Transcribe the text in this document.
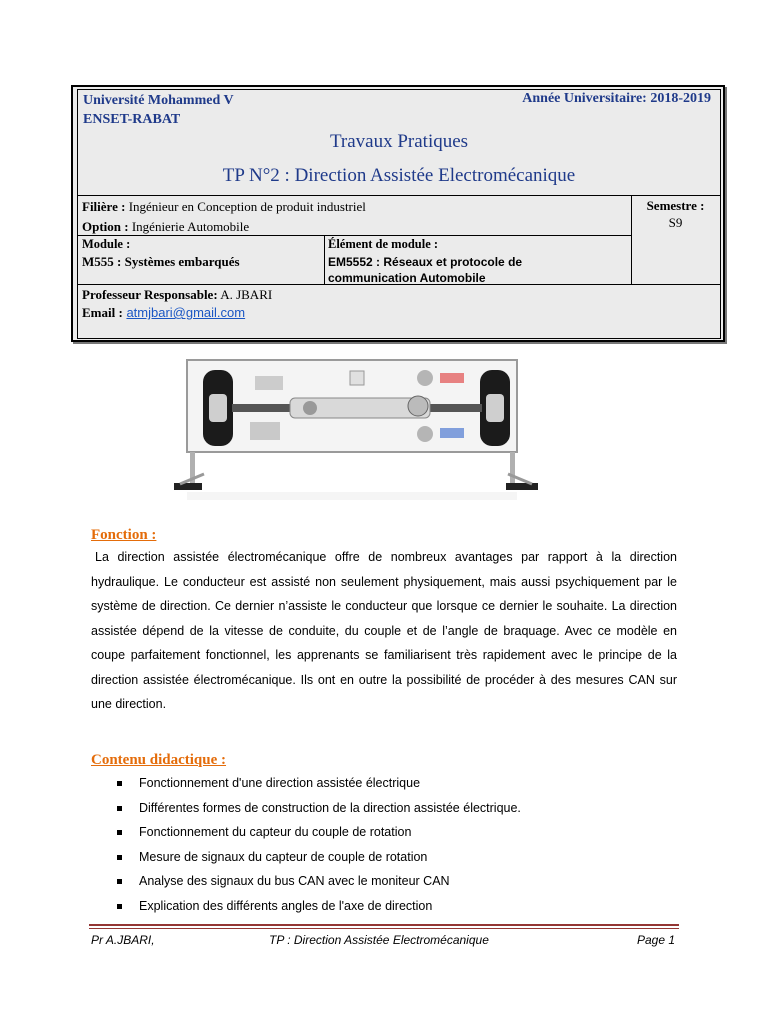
Université Mohammed V
ENSET-RABAT
Année Universitaire: 2018-2019
Travaux Pratiques
TP N°2 : Direction Assistée Electromécanique
Filière : Ingénieur en Conception de produit industriel
Option : Ingénierie Automobile
Semestre :
S9
Module :
M555 : Systèmes embarqués
Élément de module :
EM5552 : Réseaux et protocole de
communication Automobile
Professeur Responsable: A. JBARI
Email : atmjbari@gmail.com
Fonction :
La direction assistée électromécanique offre de nombreux avantages par rapport à la direction hydraulique. Le conducteur est assisté non seulement physiquement, mais aussi psychiquement par le système de direction. Ce dernier n’assiste le conducteur que lorsque ce dernier le souhaite. La direction assistée dépend de la vitesse de conduite, du couple et de l’angle de braquage. Avec ce modèle en coupe parfaitement fonctionnel, les apprenants se familiarisent très rapidement avec le principe de la direction assistée électromécanique. Ils ont en outre la possibilité de procéder à des mesures CAN sur une direction.
Contenu didactique :
Fonctionnement d'une direction assistée électrique
Différentes formes de construction de la direction assistée électrique.
Fonctionnement du capteur du couple de rotation
Mesure de signaux du capteur de couple de rotation
Analyse des signaux du bus CAN avec le moniteur CAN
Explication des différents angles de l'axe de direction
Pr A.JBARI,	TP : Direction Assistée Electromécanique	Page 1
